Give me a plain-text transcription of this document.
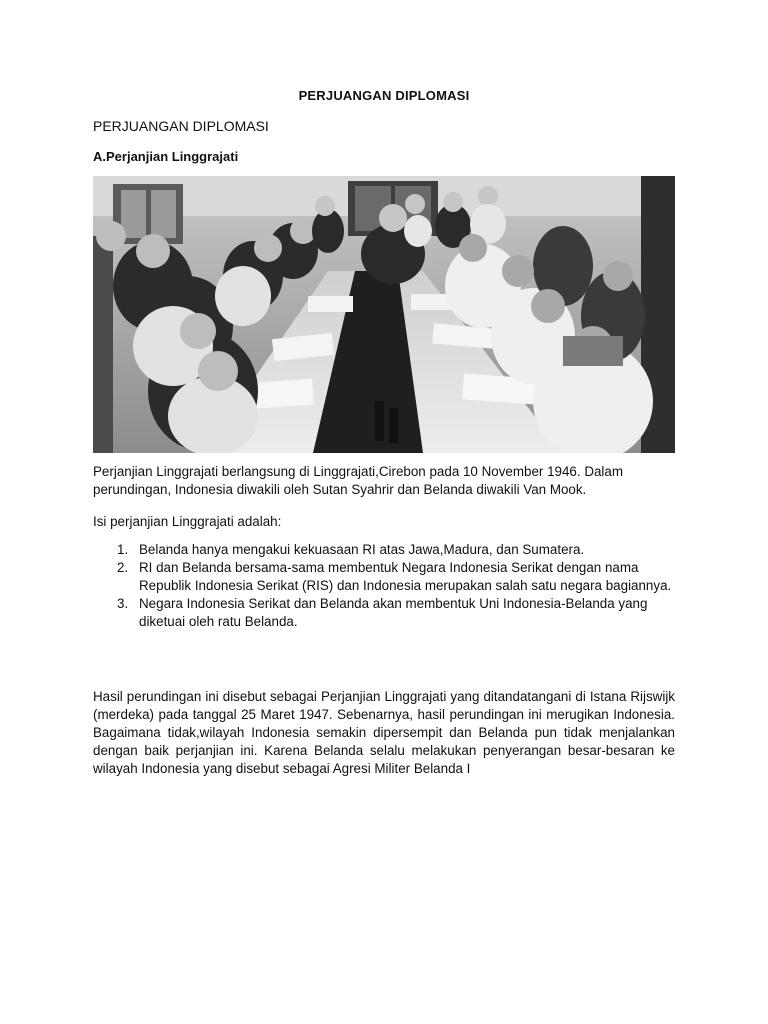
PERJUANGAN DIPLOMASI
PERJUANGAN DIPLOMASI
A.Perjanjian Linggrajati
Perjanjian Linggrajati berlangsung di Linggrajati,Cirebon pada 10 November 1946. Dalam perundingan, Indonesia diwakili oleh Sutan Syahrir dan Belanda diwakili Van Mook.
Isi perjanjian Linggrajati adalah:
1. Belanda hanya mengakui kekuasaan RI atas Jawa,Madura, dan Sumatera.
2. RI dan Belanda bersama-sama membentuk Negara Indonesia Serikat dengan nama Republik Indonesia Serikat (RIS) dan Indonesia merupakan salah satu negara bagiannya.
3. Negara Indonesia Serikat dan Belanda akan membentuk Uni Indonesia-Belanda yang diketuai oleh ratu Belanda.
Hasil perundingan ini disebut sebagai Perjanjian Linggrajati yang ditandatangani di Istana Rijswijk (merdeka) pada tanggal 25 Maret 1947. Sebenarnya, hasil perundingan ini merugikan Indonesia. Bagaimana tidak,wilayah Indonesia semakin dipersempit dan Belanda pun tidak menjalankan dengan baik perjanjian ini. Karena Belanda selalu melakukan penyerangan besar-besaran ke wilayah Indonesia yang disebut sebagai Agresi Militer Belanda I
